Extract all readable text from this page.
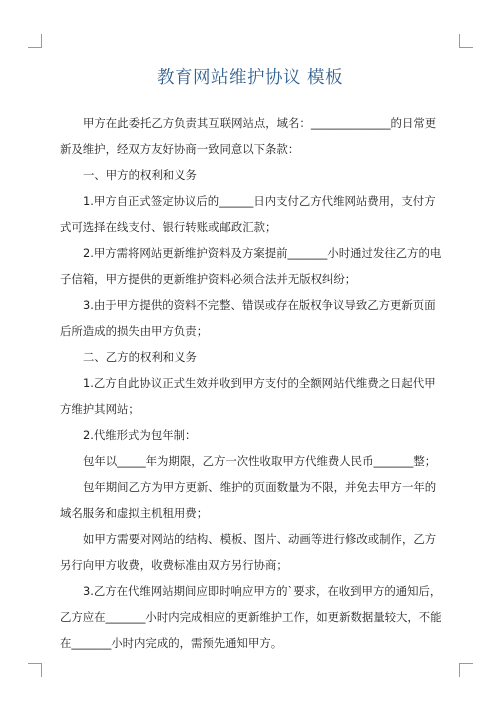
教育网站维护协议 模板

甲方在此委托乙方负责其互联网站点，域名：______________的日常更新及维护，经双方友好协商一致同意以下条款：

一、甲方的权利和义务

1.甲方自正式签定协议后的______日内支付乙方代维网站费用，支付方式可选择在线支付、银行转账或邮政汇款；

2.甲方需将网站更新维护资料及方案提前_______小时通过发往乙方的电子信箱，甲方提供的更新维护资料必须合法并无版权纠纷；

3.由于甲方提供的资料不完整、错误或存在版权争议导致乙方更新页面后所造成的损失由甲方负责；

二、乙方的权利和义务

1.乙方自此协议正式生效并收到甲方支付的全额网站代维费之日起代甲方维护其网站；

2.代维形式为包年制：

包年以_____年为期限，乙方一次性收取甲方代维费人民币_______整；

包年期间乙方为甲方更新、维护的页面数量为不限，并免去甲方一年的域名服务和虚拟主机租用费；

如甲方需要对网站的结构、模板、图片、动画等进行修改或制作，乙方另行向甲方收费，收费标准由双方另行协商；

3.乙方在代维网站期间应即时响应甲方的`要求，在收到甲方的通知后，乙方应在_______小时内完成相应的更新维护工作，如更新数据量较大，不能在_______小时内完成的，需预先通知甲方。
